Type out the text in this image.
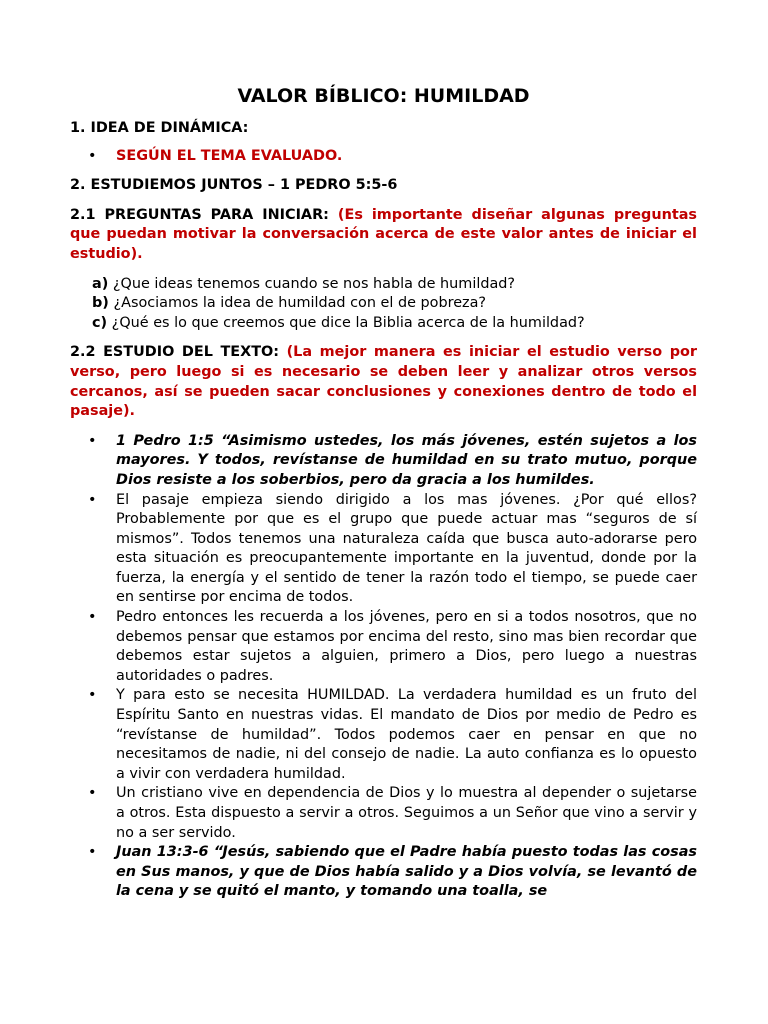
VALOR BÍBLICO: HUMILDAD

1. IDEA DE DINÁMICA:

• SEGÚN EL TEMA EVALUADO.

2. ESTUDIEMOS JUNTOS – 1 PEDRO 5:5-6

2.1 PREGUNTAS PARA INICIAR: (Es importante diseñar algunas preguntas que puedan motivar la conversación acerca de este valor antes de iniciar el estudio).

a) ¿Que ideas tenemos cuando se nos habla de humildad?
b) ¿Asociamos la idea de humildad con el de pobreza?
c) ¿Qué es lo que creemos que dice la Biblia acerca de la humildad?

2.2 ESTUDIO DEL TEXTO: (La mejor manera es iniciar el estudio verso por verso, pero luego si es necesario se deben leer y analizar otros versos cercanos, así se pueden sacar conclusiones y conexiones dentro de todo el pasaje).

• 1 Pedro 1:5 “Asimismo ustedes, los más jóvenes, estén sujetos a los mayores. Y todos, revístanse de humildad en su trato mutuo, porque Dios resiste a los soberbios, pero da gracia a los humildes.
• El pasaje empieza siendo dirigido a los mas jóvenes. ¿Por qué ellos? Probablemente por que es el grupo que puede actuar mas “seguros de sí mismos”. Todos tenemos una naturaleza caída que busca auto-adorarse pero esta situación es preocupantemente importante en la juventud, donde por la fuerza, la energía y el sentido de tener la razón todo el tiempo, se puede caer en sentirse por encima de todos.
• Pedro entonces les recuerda a los jóvenes, pero en si a todos nosotros, que no debemos pensar que estamos por encima del resto, sino mas bien recordar que debemos estar sujetos a alguien, primero a Dios, pero luego a nuestras autoridades o padres.
• Y para esto se necesita HUMILDAD. La verdadera humildad es un fruto del Espíritu Santo en nuestras vidas. El mandato de Dios por medio de Pedro es “revístanse de humildad”. Todos podemos caer en pensar en que no necesitamos de nadie, ni del consejo de nadie. La auto confianza es lo opuesto a vivir con verdadera humildad.
• Un cristiano vive en dependencia de Dios y lo muestra al depender o sujetarse a otros. Esta dispuesto a servir a otros. Seguimos a un Señor que vino a servir y no a ser servido.
• Juan 13:3-6 “Jesús, sabiendo que el Padre había puesto todas las cosas en Sus manos, y que de Dios había salido y a Dios volvía, se levantó de la cena y se quitó el manto, y tomando una toalla, se
